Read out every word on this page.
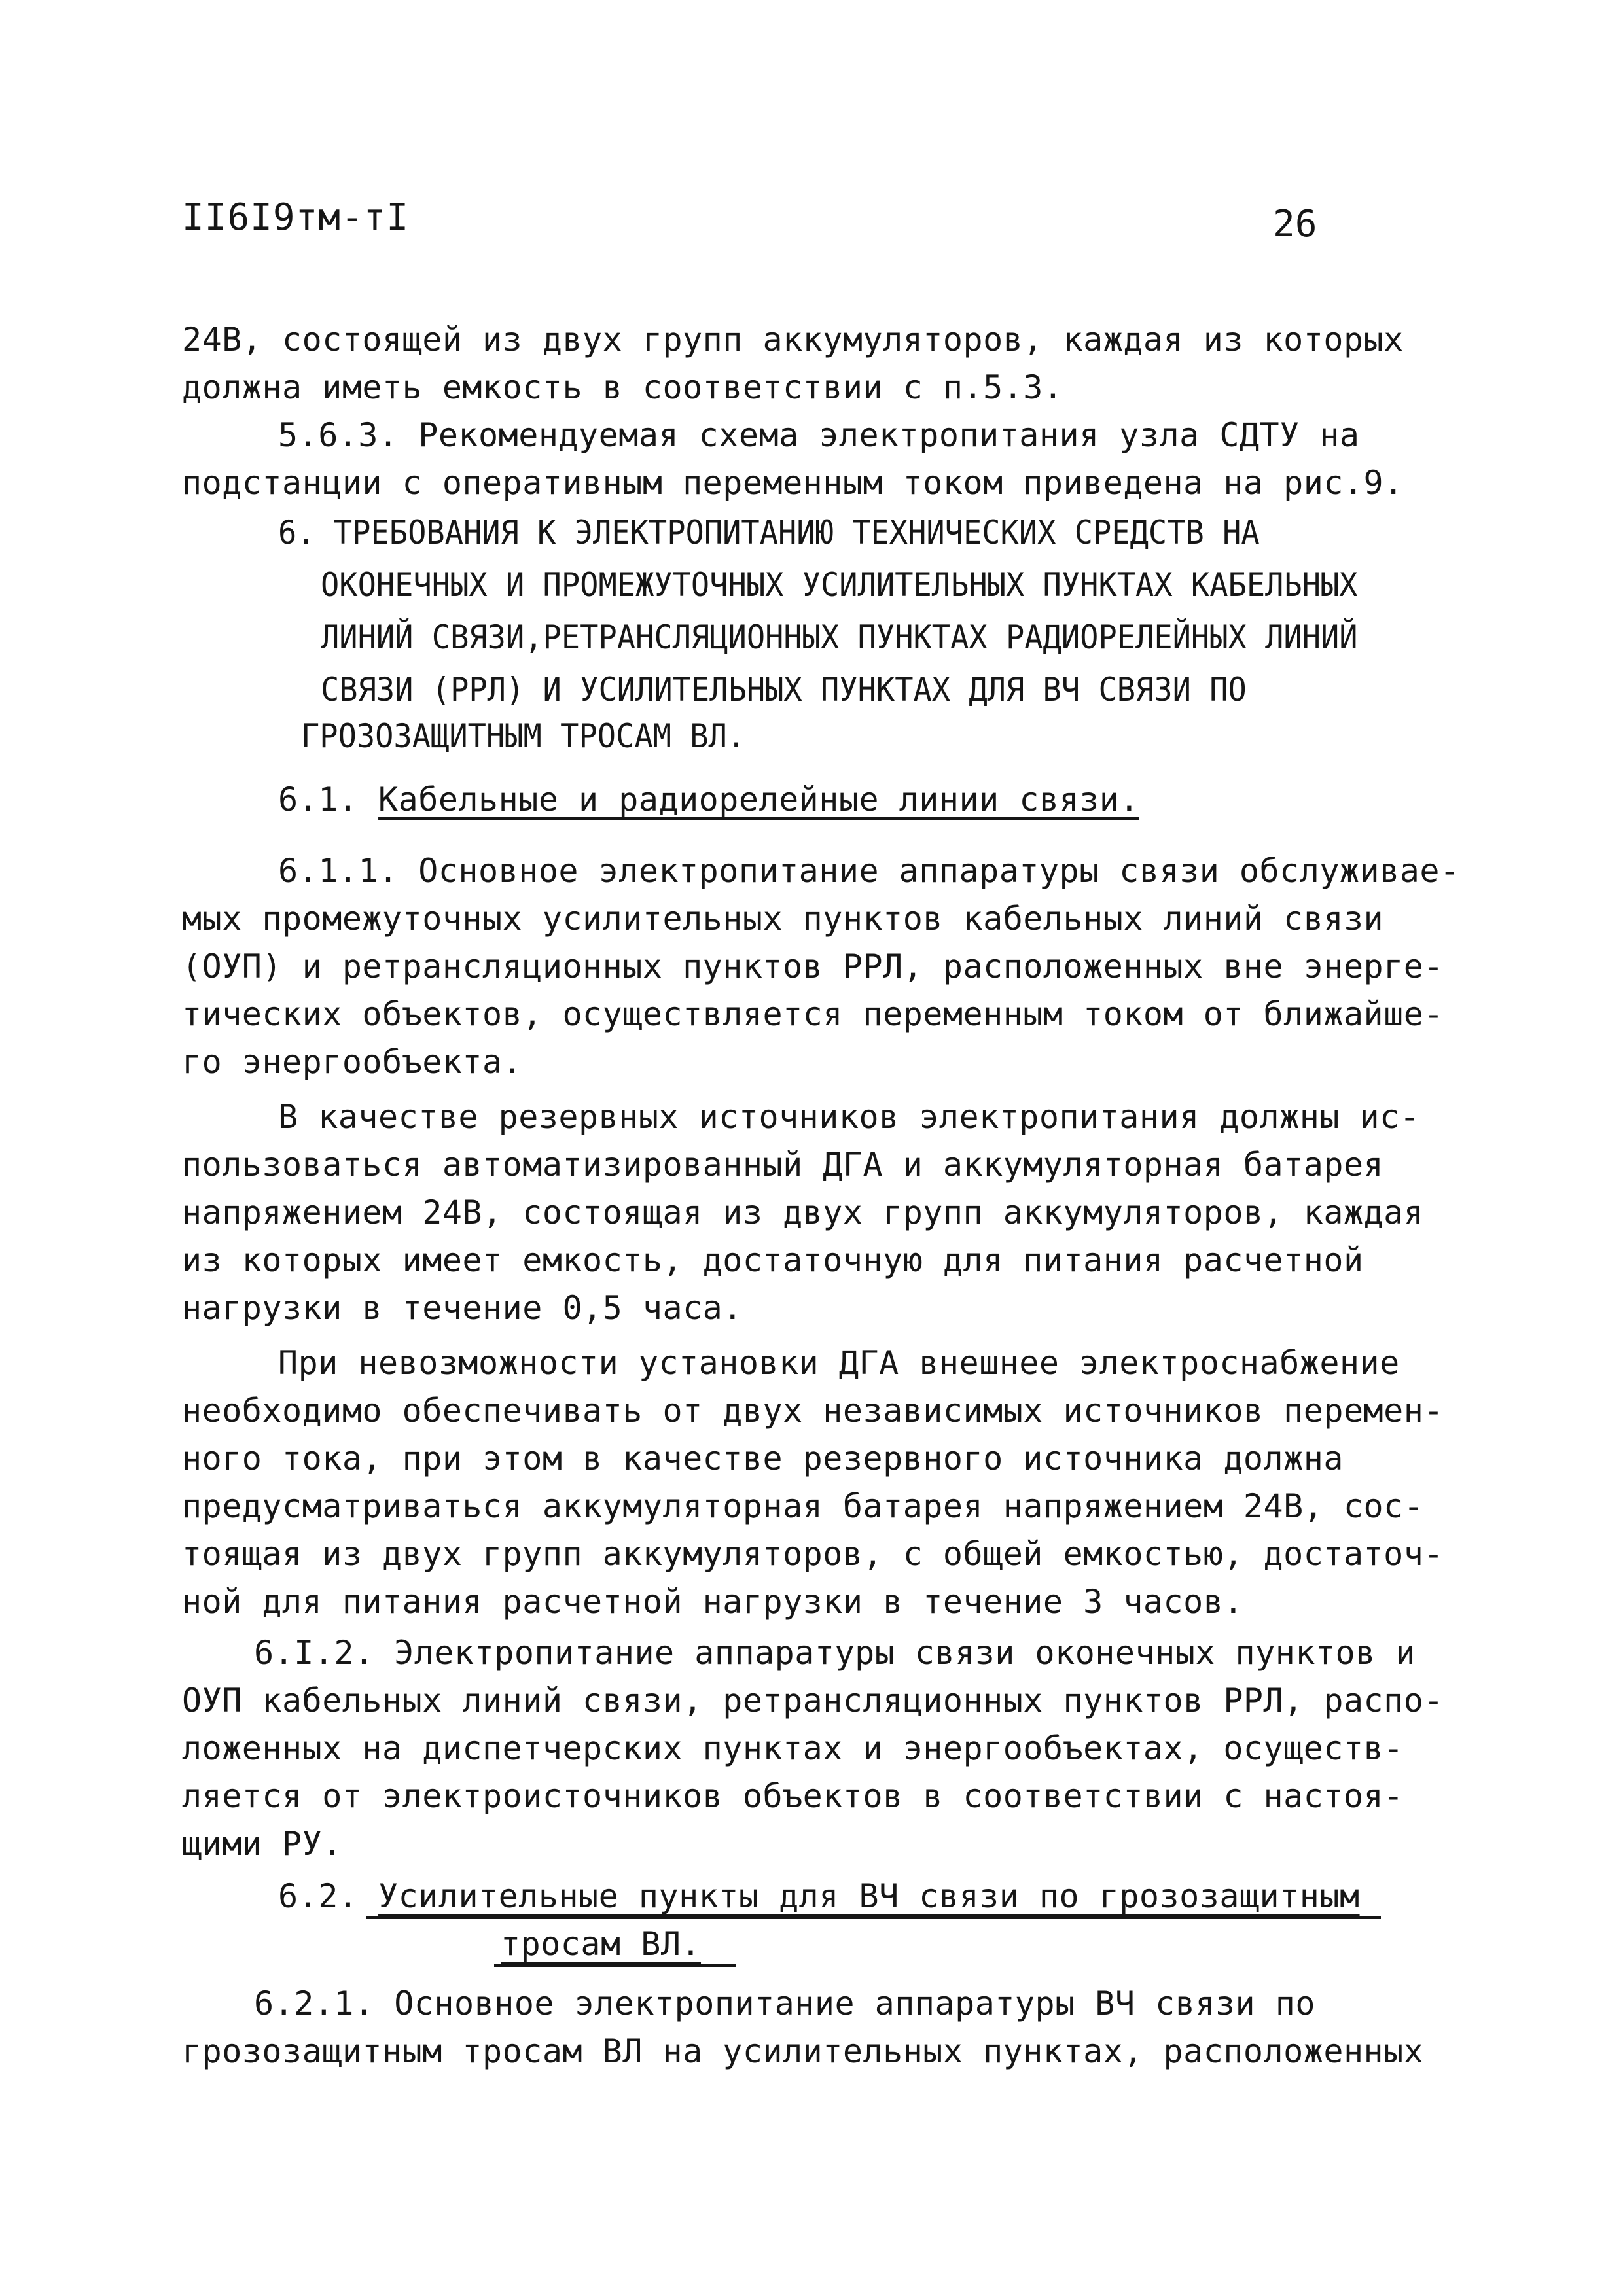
II6I9тм-тI	26
24В, состоящей из двух групп аккумуляторов, каждая из которых
должна иметь емкость в соответствии с п.5.3.
5.6.3. Рекомендуемая схема электропитания узла СДТУ на
подстанции с оперативным переменным током приведена на рис.9.
6. ТРЕБОВАНИЯ К ЭЛЕКТРОПИТАНИЮ ТЕХНИЧЕСКИХ СРЕДСТВ НА
ОКОНЕЧНЫХ И ПРОМЕЖУТОЧНЫХ УСИЛИТЕЛЬНЫХ ПУНКТАХ КАБЕЛЬНЫХ
ЛИНИЙ СВЯЗИ,РЕТРАНСЛЯЦИОННЫХ ПУНКТАХ РАДИОРЕЛЕЙНЫХ ЛИНИЙ
СВЯЗИ (РРЛ) И УСИЛИТЕЛЬНЫХ ПУНКТАХ ДЛЯ ВЧ СВЯЗИ ПО
ГРОЗОЗАЩИТНЫМ ТРОСАМ ВЛ.
6.1. Кабельные и радиорелейные линии связи.
6.1.1. Основное электропитание аппаратуры связи обслуживае-
мых промежуточных усилительных пунктов кабельных линий связи
(ОУП) и ретрансляционных пунктов РРЛ, расположенных вне энерге-
тических объектов, осуществляется переменным током от ближайше-
го энергообъекта.
В качестве резервных источников электропитания должны ис-
пользоваться автоматизированный ДГА и аккумуляторная батарея
напряжением 24В, состоящая из двух групп аккумуляторов, каждая
из которых имеет емкость, достаточную для питания расчетной
нагрузки в течение 0,5 часа.
При невозможности установки ДГА внешнее электроснабжение
необходимо обеспечивать от двух независимых источников перемен-
ного тока, при этом в качестве резервного источника должна
предусматриваться аккумуляторная батарея напряжением 24В, сос-
тоящая из двух групп аккумуляторов, с общей емкостью, достаточ-
ной для питания расчетной нагрузки в течение 3 часов.
6.I.2. Электропитание аппаратуры связи оконечных пунктов и
ОУП кабельных линий связи, ретрансляционных пунктов РРЛ, распо-
ложенных на диспетчерских пунктах и энергообъектах, осуществ-
ляется от электроисточников объектов в соответствии с настоя-
щими РУ.
6.2. Усилительные пункты для ВЧ связи по грозозащитным
тросам ВЛ.
6.2.1. Основное электропитание аппаратуры ВЧ связи по
грозозащитным тросам ВЛ на усилительных пунктах, расположенных
